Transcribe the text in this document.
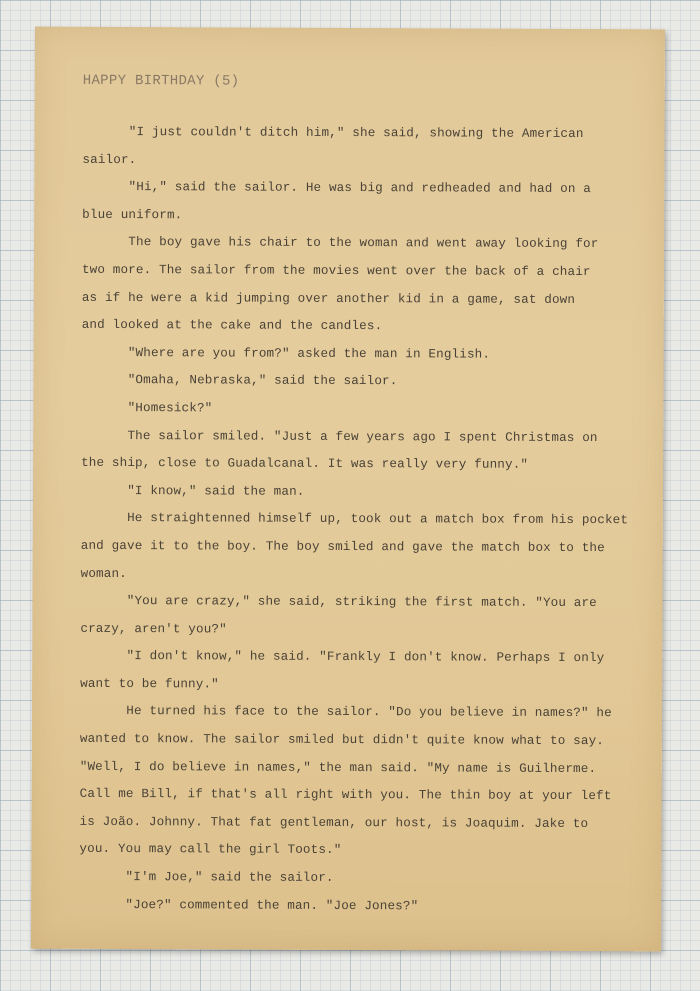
HAPPY BIRTHDAY (5)
"I just couldn't ditch him," she said, showing the American
sailor.
"Hi," said the sailor. He was big and redheaded and had on a
blue uniform.
The boy gave his chair to the woman and went away looking for
two more. The sailor from the movies went over the back of a chair
as if he were a kid jumping over another kid in a game, sat down
and looked at the cake and the candles.
"Where are you from?" asked the man in English.
"Omaha, Nebraska," said the sailor.
"Homesick?"
The sailor smiled. "Just a few years ago I spent Christmas on
the ship, close to Guadalcanal. It was really very funny."
"I know," said the man.
He straightenned himself up, took out a match box from his pocket
and gave it to the boy. The boy smiled and gave the match box to the
woman.
"You are crazy," she said, striking the first match. "You are
crazy, aren't you?"
"I don't know," he said. "Frankly I don't know. Perhaps I only
want to be funny."
He turned his face to the sailor. "Do you believe in names?" he
wanted to know. The sailor smiled but didn't quite know what to say.
"Well, I do believe in names," the man said. "My name is Guilherme.
Call me Bill, if that's all right with you. The thin boy at your left
is João. Johnny. That fat gentleman, our host, is Joaquim. Jake to
you. You may call the girl Toots."
"I'm Joe," said the sailor.
"Joe?" commented the man. "Joe Jones?"
